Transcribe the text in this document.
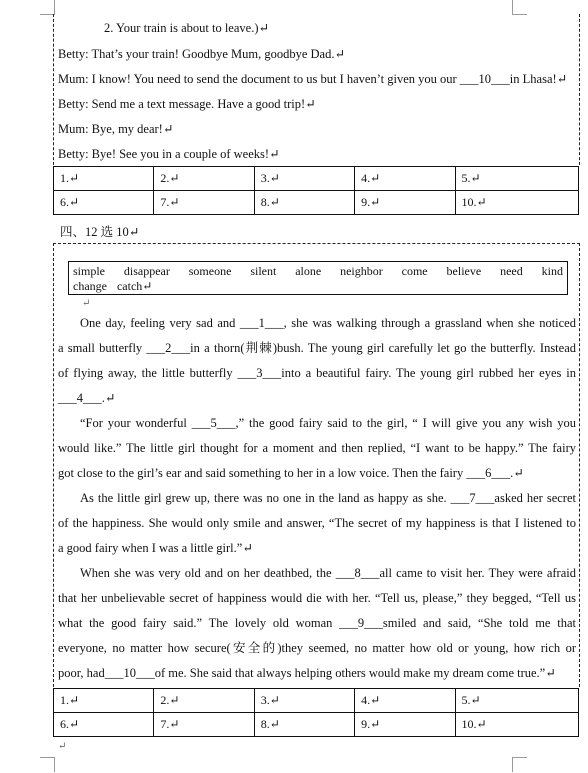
2. Your train is about to leave.)↵
Betty: That’s your train! Goodbye Mum, goodbye Dad.↵
Mum: I know! You need to send the document to us but I haven’t given you our ___10___in Lhasa!↵
Betty: Send me a text message. Have a good trip!↵
Mum: Bye, my dear!↵
Betty: Bye! See you in a couple of weeks!↵
1.↵	2.↵	3.↵	4.↵	5.↵
6.↵	7.↵	8.↵	9.↵	10.↵
四、12 选 10↵
simple disappear someone silent alone neighbor come believe need kind
change catch↵
↵
One day, feeling very sad and ___1___, she was walking through a grassland when she noticed
a small butterfly ___2___in a thorn(荆棘)bush. The young girl carefully let go the butterfly. Instead
of flying away, the little butterfly ___3___into a beautiful fairy. The young girl rubbed her eyes in
___4___.↵
“For your wonderful ___5___,” the good fairy said to the girl, “ I will give you any wish you
would like.” The little girl thought for a moment and then replied, “I want to be happy.” The fairy
got close to the girl’s ear and said something to her in a low voice. Then the fairy ___6___.↵
As the little girl grew up, there was no one in the land as happy as she. ___7___asked her secret
of the happiness. She would only smile and answer, “The secret of my happiness is that I listened to
a good fairy when I was a little girl.”↵
When she was very old and on her deathbed, the ___8___all came to visit her. They were afraid
that her unbelievable secret of happiness would die with her. “Tell us, please,” they begged, “Tell us
what the good fairy said.” The lovely old woman ___9___smiled and said, “She told me that
everyone, no matter how secure(安全的)they seemed, no matter how old or young, how rich or
poor, had___10___of me. She said that always helping others would make my dream come true.”↵
1.↵	2.↵	3.↵	4.↵	5.↵
6.↵	7.↵	8.↵	9.↵	10.↵
↵
